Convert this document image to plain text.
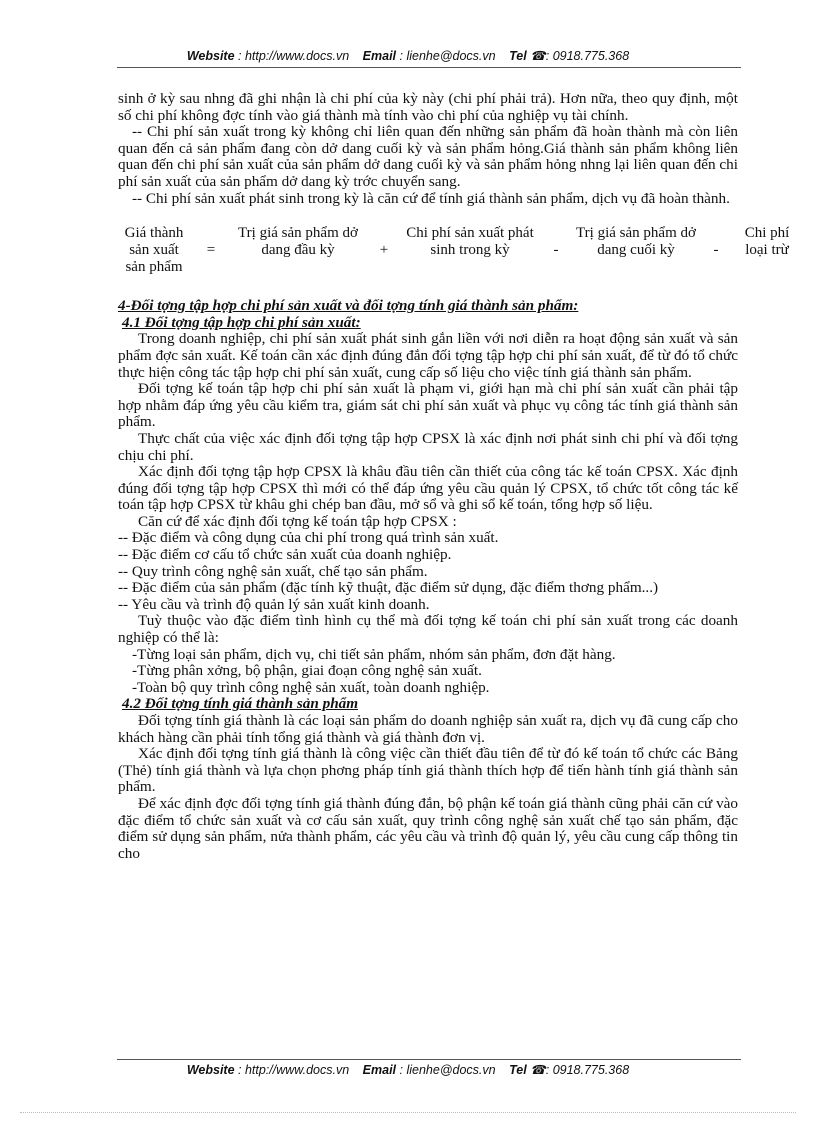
Website : http://www.docs.vn Email : lienhe@docs.vn Tel ☎: 0918.775.368

sinh ở kỳ sau nhng đã ghi nhận là chi phí của kỳ này (chi phí phải trả). Hơn nữa, theo quy định, một số chi phí không đợc tính vào giá thành mà tính vào chi phí của nghiệp vụ tài chính.

-- Chi phí sản xuất trong kỳ không chỉ liên quan đến những sản phẩm đã hoàn thành mà còn liên quan đến cả sản phẩm đang còn dở dang cuối kỳ và sản phẩm hỏng.Giá thành sản phẩm không liên quan đến chi phí sản xuất của sản phẩm dở dang cuối kỳ và sản phẩm hỏng nhng lại liên quan đến chi phí sản xuất của sản phẩm dở dang kỳ trớc chuyển sang.

-- Chi phí sản xuất phát sinh trong kỳ là căn cứ để tính giá thành sản phẩm, dịch vụ đã hoàn thành.

Giá thành sản xuất sản phẩm
=
Trị giá sản phẩm dở dang đầu kỳ	+
Chi phí sản xuất phát sinh trong kỳ	-
Trị giá sản phẩm dở dang cuối kỳ	-
Chi phí loại trừ

4-Đối tợng tập hợp chi phí sản xuất và đối tợng tính giá thành sản phẩm:

4.1 Đối tợng tập hợp chi phí sản xuất:

Trong doanh nghiệp, chi phí sản xuất phát sinh gắn liền với nơi diễn ra hoạt động sản xuất và sản phẩm đợc sản xuất. Kế toán cần xác định đúng đắn đối tợng tập hợp chi phí sản xuất, để từ đó tổ chức thực hiện công tác tập hợp chi phí sản xuất, cung cấp số liệu cho việc tính giá thành sản phẩm.

Đối tợng kế toán tập hợp chi phí sản xuất là phạm vi, giới hạn mà chi phí sản xuất cần phải tập hợp nhằm đáp ứng yêu cầu kiểm tra, giám sát chi phí sản xuất và phục vụ công tác tính giá thành sản phẩm.

Thực chất của việc xác định đối tợng tập hợp CPSX là xác định nơi phát sinh chi phí và đối tợng chịu chi phí.

Xác định đối tợng tập hợp CPSX là khâu đầu tiên cần thiết của công tác kế toán CPSX. Xác định đúng đối tợng tập hợp CPSX thì mới có thể đáp ứng yêu cầu quản lý CPSX, tổ chức tốt công tác kế toán tập hợp CPSX từ khâu ghi chép ban đầu, mở sổ và ghi sổ kế toán, tổng hợp số liệu.

Căn cứ để xác định đối tợng kế toán tập hợp CPSX :

-- Đặc điểm và công dụng của chi phí trong quá trình sản xuất.

-- Đặc điểm cơ cấu tổ chức sản xuất của doanh nghiệp.

-- Quy trình công nghệ sản xuất, chế tạo sản phẩm.

-- Đặc điểm của sản phẩm (đặc tính kỹ thuật, đặc điểm sử dụng, đặc điểm thơng phẩm...)

-- Yêu cầu và trình độ quản lý sản xuất kinh doanh.

Tuỳ thuộc vào đặc điểm tình hình cụ thể mà đối tợng kế toán chi phí sản xuất trong các doanh nghiệp có thể là:

-Từng loại sản phẩm, dịch vụ, chi tiết sản phẩm, nhóm sản phẩm, đơn đặt hàng.

-Từng phân xởng, bộ phận, giai đoạn công nghệ sản xuất.

-Toàn bộ quy trình công nghệ sản xuất, toàn doanh nghiệp.

4.2 Đối tợng tính giá thành sản phẩm

Đối tợng tính giá thành là các loại sản phẩm do doanh nghiệp sản xuất ra, dịch vụ đã cung cấp cho khách hàng cần phải tính tổng giá thành và giá thành đơn vị.

Xác định đối tợng tính giá thành là công việc cần thiết đầu tiên để từ đó kế toán tổ chức các Bảng (Thẻ) tính giá thành và lựa chọn phơng pháp tính giá thành thích hợp để tiến hành tính giá thành sản phẩm.

Để xác định đợc đối tợng tính giá thành đúng đắn, bộ phận kế toán giá thành cũng phải căn cứ vào đặc điểm tổ chức sản xuất và cơ cấu sản xuất, quy trình công nghệ sản xuất chế tạo sản phẩm, đặc điểm sử dụng sản phẩm, nửa thành phẩm, các yêu cầu và trình độ quản lý, yêu cầu cung cấp thông tin cho

Website : http://www.docs.vn Email : lienhe@docs.vn Tel ☎: 0918.775.368
